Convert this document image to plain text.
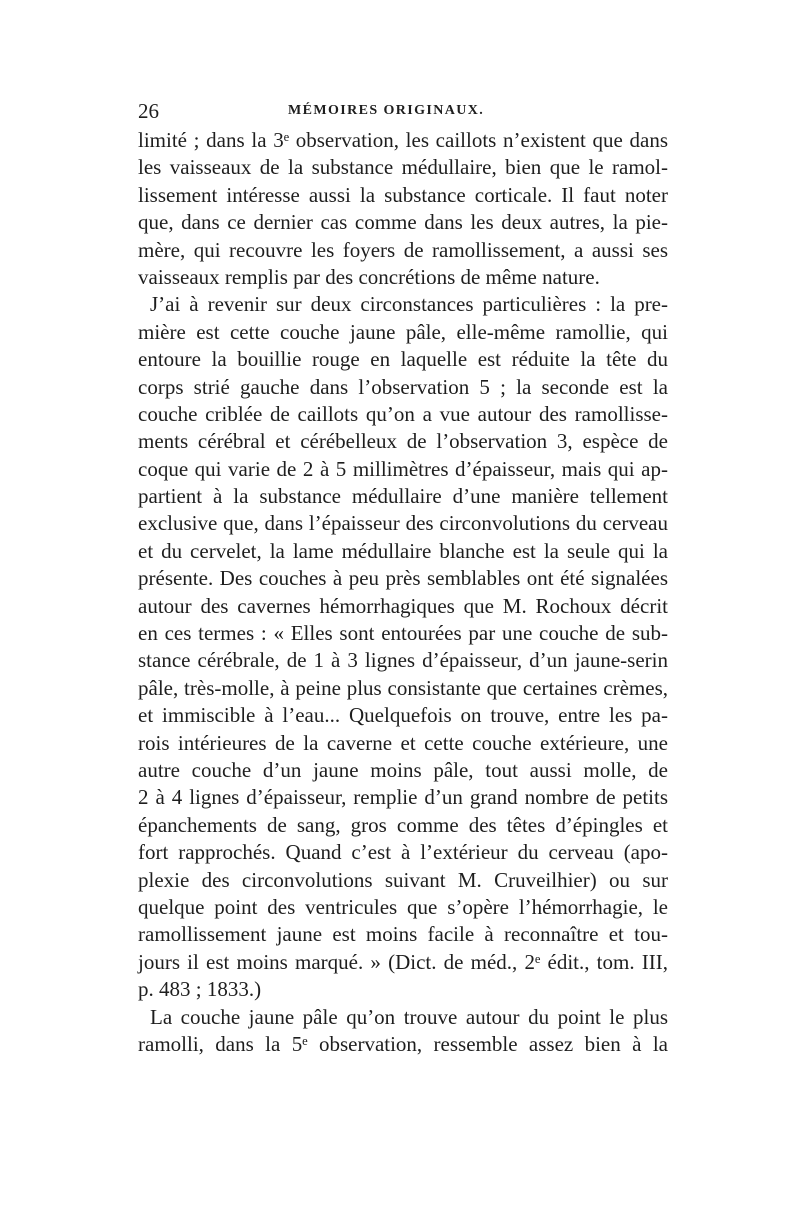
26	MÉMOIRES ORIGINAUX.
limité ; dans la 3ᵉ observation, les caillots n’existent que dans
les vaisseaux de la substance médullaire, bien que le ramol-
lissement intéresse aussi la substance corticale. Il faut noter
que, dans ce dernier cas comme dans les deux autres, la pie-
mère, qui recouvre les foyers de ramollissement, a aussi ses
vaisseaux remplis par des concrétions de même nature.
J’ai à revenir sur deux circonstances particulières : la pre-
mière est cette couche jaune pâle, elle-même ramollie, qui
entoure la bouillie rouge en laquelle est réduite la tête du
corps strié gauche dans l’observation 5 ; la seconde est la
couche criblée de caillots qu’on a vue autour des ramollisse-
ments cérébral et cérébelleux de l’observation 3, espèce de
coque qui varie de 2 à 5 millimètres d’épaisseur, mais qui ap-
partient à la substance médullaire d’une manière tellement
exclusive que, dans l’épaisseur des circonvolutions du cerveau
et du cervelet, la lame médullaire blanche est la seule qui la
présente. Des couches à peu près semblables ont été signalées
autour des cavernes hémorrhagiques que M. Rochoux décrit
en ces termes : « Elles sont entourées par une couche de sub-
stance cérébrale, de 1 à 3 lignes d’épaisseur, d’un jaune-serin
pâle, très-molle, à peine plus consistante que certaines crèmes,
et immiscible à l’eau... Quelquefois on trouve, entre les pa-
rois intérieures de la caverne et cette couche extérieure, une
autre couche d’un jaune moins pâle, tout aussi molle, de
2 à 4 lignes d’épaisseur, remplie d’un grand nombre de petits
épanchements de sang, gros comme des têtes d’épingles et
fort rapprochés. Quand c’est à l’extérieur du cerveau (apo-
plexie des circonvolutions suivant M. Cruveilhier) ou sur
quelque point des ventricules que s’opère l’hémorrhagie, le
ramollissement jaune est moins facile à reconnaître et tou-
jours il est moins marqué. » (Dict. de méd., 2ᵉ édit., tom. III,
p. 483 ; 1833.)
La couche jaune pâle qu’on trouve autour du point le plus
ramolli, dans la 5ᵉ observation, ressemble assez bien à la
